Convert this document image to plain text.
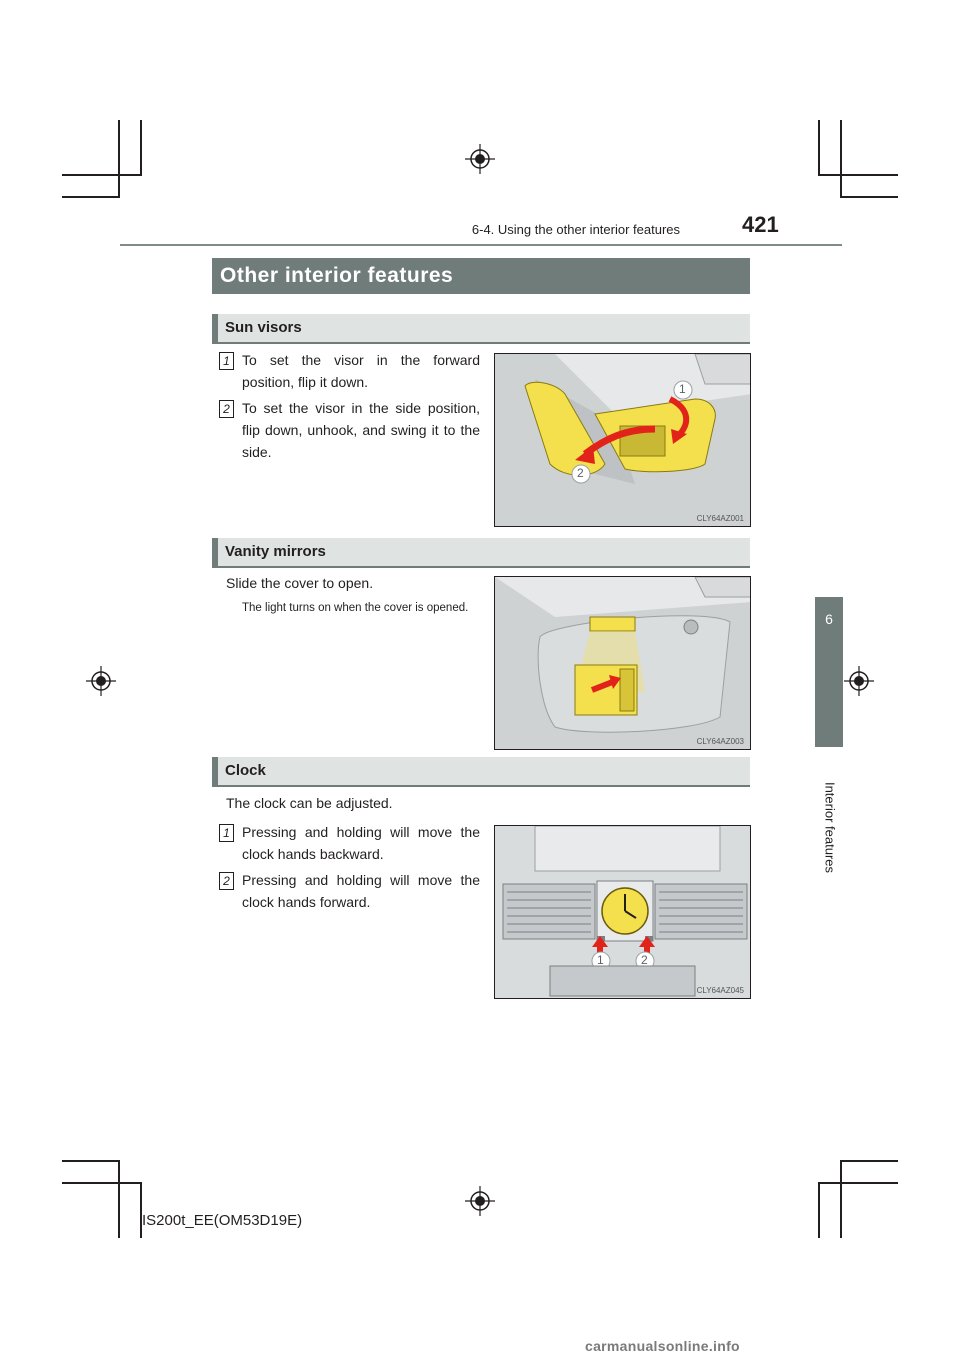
6-4. Using the other interior features	421
Other interior features
Sun visors
1 To set the visor in the forward position, flip it down.
2 To set the visor in the side position, flip down, unhook, and swing it to the side.
1
2
CLY64AZ001
Vanity mirrors
Slide the cover to open.
The light turns on when the cover is opened.
CLY64AZ003
Clock
The clock can be adjusted.
1 Pressing and holding will move the clock hands backward.
2 Pressing and holding will move the clock hands forward.
1	2
CLY64AZ045
6
Interior features
IS200t_EE(OM53D19E)
carmanualsonline.info
